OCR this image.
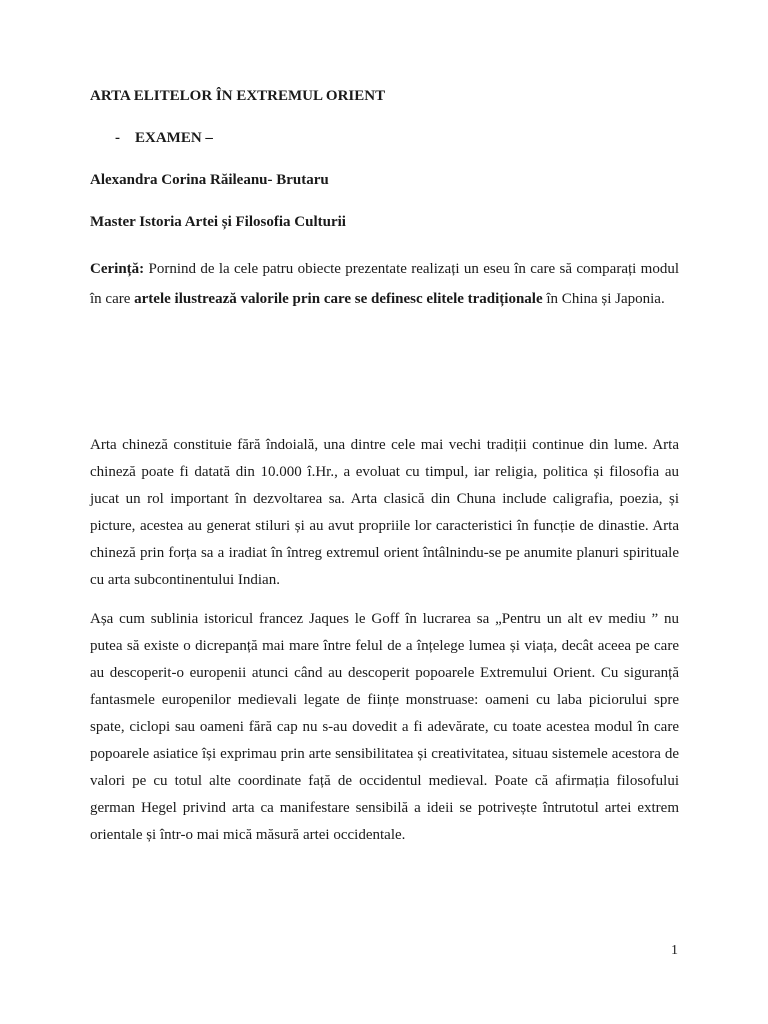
ARTA ELITELOR ÎN EXTREMUL ORIENT

- EXAMEN –

Alexandra Corina Răileanu- Brutaru

Master Istoria Artei și Filosofia Culturii

Cerință: Pornind de la cele patru obiecte prezentate realizați un eseu în care să comparați modul în care artele ilustrează valorile prin care se definesc elitele tradiționale în China și Japonia.

Arta chineză constituie fără îndoială, una dintre cele mai vechi tradiții continue din lume. Arta chineză poate fi datată din 10.000 î.Hr., a evoluat cu timpul, iar religia, politica și filosofia au jucat un rol important în dezvoltarea sa. Arta clasică din Chuna include caligrafia, poezia, și picture, acestea au generat stiluri și au avut propriile lor caracteristici în funcție de dinastie. Arta chineză prin forța sa a iradiat în întreg extremul orient întâlnindu-se pe anumite planuri spirituale cu arta subcontinentului Indian.

Așa cum sublinia istoricul francez Jaques le Goff în lucrarea sa „Pentru un alt ev mediu ” nu putea să existe o dicrepanță mai mare între felul de a înțelege lumea și viața, decât aceea pe care au descoperit-o europenii atunci când au descoperit popoarele Extremului Orient. Cu siguranță fantasmele europenilor medievali legate de ființe monstruase: oameni cu laba piciorului spre spate, ciclopi sau oameni fără cap nu s-au dovedit a fi adevărate, cu toate acestea modul în care popoarele asiatice își exprimau prin arte sensibilitatea și creativitatea, situau sistemele acestora de valori pe cu totul alte coordinate față de occidentul medieval. Poate că afirmația filosofului german Hegel privind arta ca manifestare sensibilă a ideii se potrivește întrutotul artei extrem orientale și într-o mai mică măsură artei occidentale.

1
